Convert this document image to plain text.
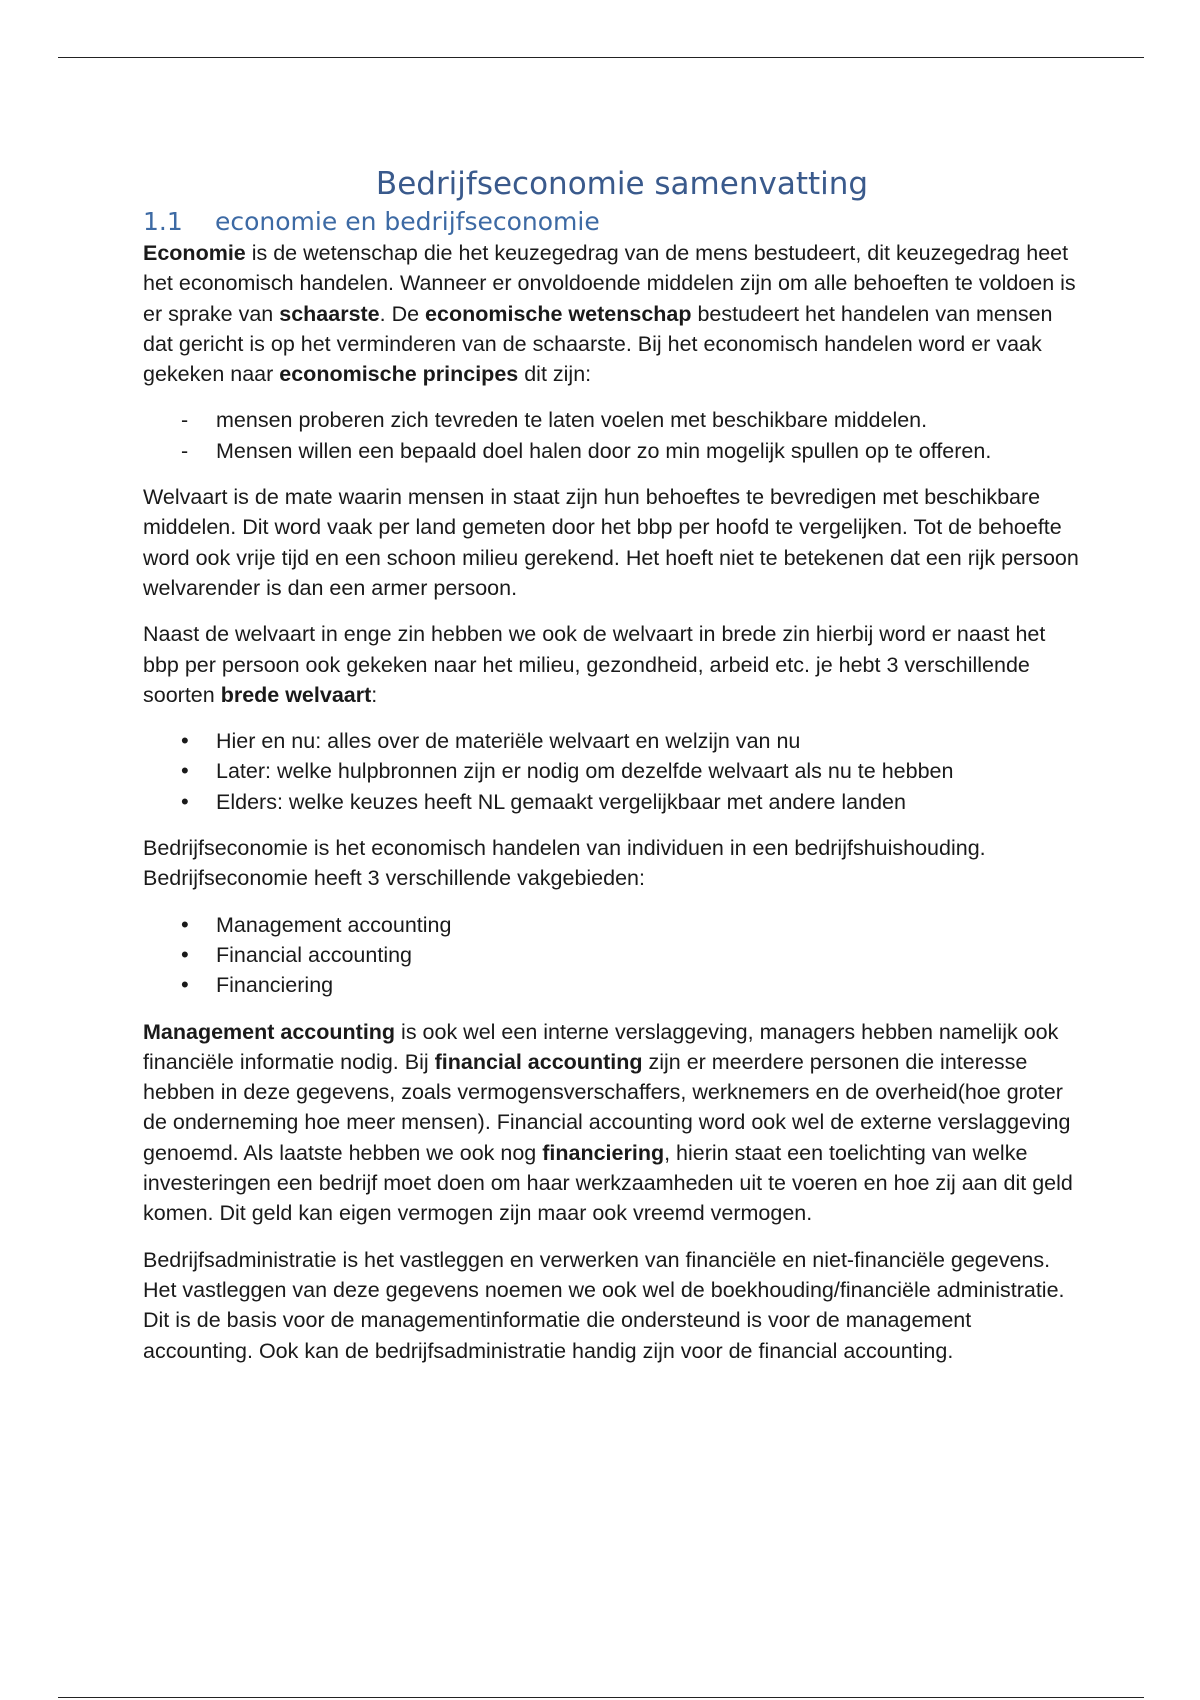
Bedrijfseconomie samenvatting
1.1	economie en bedrijfseconomie

Economie is de wetenschap die het keuzegedrag van de mens bestudeert, dit keuzegedrag heet het economisch handelen. Wanneer er onvoldoende middelen zijn om alle behoeften te voldoen is er sprake van schaarste. De economische wetenschap bestudeert het handelen van mensen dat gericht is op het verminderen van de schaarste. Bij het economisch handelen word er vaak gekeken naar economische principes dit zijn:

- mensen proberen zich tevreden te laten voelen met beschikbare middelen.
- Mensen willen een bepaald doel halen door zo min mogelijk spullen op te offeren.

Welvaart is de mate waarin mensen in staat zijn hun behoeftes te bevredigen met beschikbare middelen. Dit word vaak per land gemeten door het bbp per hoofd te vergelijken. Tot de behoefte word ook vrije tijd en een schoon milieu gerekend. Het hoeft niet te betekenen dat een rijk persoon welvarender is dan een armer persoon.

Naast de welvaart in enge zin hebben we ook de welvaart in brede zin hierbij word er naast het bbp per persoon ook gekeken naar het milieu, gezondheid, arbeid etc. je hebt 3 verschillende soorten brede welvaart:

• Hier en nu: alles over de materiële welvaart en welzijn van nu
• Later: welke hulpbronnen zijn er nodig om dezelfde welvaart als nu te hebben
• Elders: welke keuzes heeft NL gemaakt vergelijkbaar met andere landen

Bedrijfseconomie is het economisch handelen van individuen in een bedrijfshuishouding. Bedrijfseconomie heeft 3 verschillende vakgebieden:

• Management accounting
• Financial accounting
• Financiering

Management accounting is ook wel een interne verslaggeving, managers hebben namelijk ook financiële informatie nodig. Bij financial accounting zijn er meerdere personen die interesse hebben in deze gegevens, zoals vermogensverschaffers, werknemers en de overheid(hoe groter de onderneming hoe meer mensen). Financial accounting word ook wel de externe verslaggeving genoemd. Als laatste hebben we ook nog financiering, hierin staat een toelichting van welke investeringen een bedrijf moet doen om haar werkzaamheden uit te voeren en hoe zij aan dit geld komen. Dit geld kan eigen vermogen zijn maar ook vreemd vermogen.

Bedrijfsadministratie is het vastleggen en verwerken van financiële en niet-financiële gegevens. Het vastleggen van deze gegevens noemen we ook wel de boekhouding/financiële administratie. Dit is de basis voor de managementinformatie die ondersteund is voor de management accounting. Ook kan de bedrijfsadministratie handig zijn voor de financial accounting.
